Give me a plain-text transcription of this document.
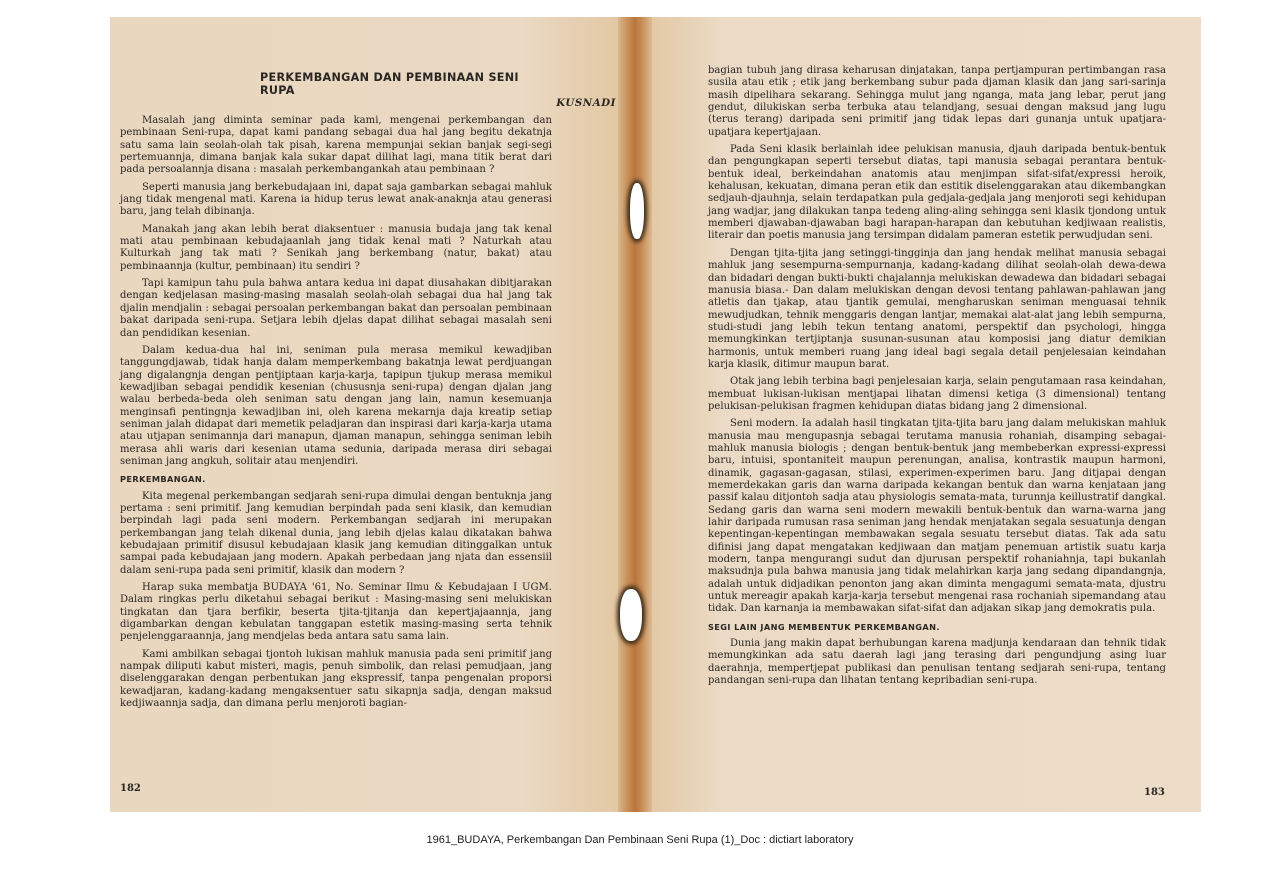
PERKEMBANGAN DAN PEMBINAAN SENI RUPA
KUSNADI

Masalah jang diminta seminar pada kami, mengenai perkembangan dan pembinaan Seni-rupa, dapat kami pandang sebagai dua hal jang begitu dekatnja satu sama lain seolah-olah tak pisah, karena mempunjai sekian banjak segi-segi pertemuannja, dimana banjak kala sukar dapat dilihat lagi, mana titik berat dari pada persoalannja disana : masalah perkembangankah atau pembinaan ?

Seperti manusia jang berkebudajaan ini, dapat saja gambarkan sebagai mahluk jang tidak mengenal mati. Karena ia hidup terus lewat anak-anaknja atau generasi baru, jang telah dibinanja.

Manakah jang akan lebih berat diaksentuer : manusia budaja jang tak kenal mati atau pembinaan kebudajaanlah jang tidak kenal mati ? Naturkah atau Kulturkah jang tak mati ? Senikah jang berkembang (natur, bakat) atau pembinaannja (kultur, pembinaan) itu sendiri ?

Tapi kamipun tahu pula bahwa antara kedua ini dapat diusahakan dibitjarakan dengan kedjelasan masing-masing masalah seolah-olah sebagai dua hal jang tak djalin mendjalin : sebagai persoalan perkembangan bakat dan persoalan pembinaan bakat daripada seni-rupa. Setjara lebih djelas dapat dilihat sebagai masalah seni dan pendidikan kesenian.

Dalam kedua-dua hal ini, seniman pula merasa memikul kewadjiban tanggungdjawab, tidak hanja dalam memperkembang bakatnja lewat perdjuangan jang digalangnja dengan pentjiptaan karja-karja, tapipun tjukup merasa memikul kewadjiban sebagai pendidik kesenian (chususnja seni-rupa) dengan djalan jang walau berbeda-beda oleh seniman satu dengan jang lain, namun kesemuanja menginsafi pentingnja kewadjiban ini, oleh karena mekarnja daja kreatip setiap seniman jalah didapat dari memetik peladjaran dan inspirasi dari karja-karja utama atau utjapan senimannja dari manapun, djaman manapun, sehingga seniman lebih merasa ahli waris dari kesenian utama sedunia, daripada merasa diri sebagai seniman jang angkuh, solitair atau menjendiri.

PERKEMBANGAN.

Kita megenal perkembangan sedjarah seni-rupa dimulai dengan bentuknja jang pertama : seni primitif. Jang kemudian berpindah pada seni klasik, dan kemudian berpindah lagi pada seni modern. Perkembangan sedjarah ini merupakan perkembangan jang telah dikenal dunia, jang lebih djelas kalau dikatakan bahwa kebudajaan primitif disusul kebudajaan klasik jang kemudian ditinggalkan untuk sampai pada kebudajaan jang modern. Apakah perbedaan jang njata dan essensiil dalam seni-rupa pada seni primitif, klasik dan modern ?

Harap suka membatja BUDAYA '61, No. Seminar Ilmu & Kebudajaan I UGM. Dalam ringkas perlu diketahui sebagai berikut : Masing-masing seni melukiskan tingkatan dan tjara berfikir, beserta tjita-tjitanja dan kepertjajaannja, jang digambarkan dengan kebulatan tanggapan estetik masing-masing serta tehnik penjelenggaraannja, jang mendjelas beda antara satu sama lain.

Kami ambilkan sebagai tjontoh lukisan mahluk manusia pada seni primitif jang nampak diliputi kabut misteri, magis, penuh simbolik, dan relasi pemudjaan, jang diselenggarakan dengan perbentukan jang ekspressif, tanpa pengenalan proporsi kewadjaran, kadang-kadang mengaksentuer satu sikapnja sadja, dengan maksud kedjiwaannja sadja, dan dimana perlu menjoroti bagian-

182

bagian tubuh jang dirasa keharusan dinjatakan, tanpa pertjampuran pertimbangan rasa susila atau etik ; etik jang berkembang subur pada djaman klasik dan jang sari-sarinja masih dipelihara sekarang. Sehingga mulut jang nganga, mata jang lebar, perut jang gendut, dilukiskan serba terbuka atau telandjang, sesuai dengan maksud jang lugu (terus terang) daripada seni primitif jang tidak lepas dari gunanja untuk upatjara-upatjara kepertjajaan.

Pada Seni klasik berlainlah idee pelukisan manusia, djauh daripada bentuk-bentuk dan pengungkapan seperti tersebut diatas, tapi manusia sebagai perantara bentuk-bentuk ideal, berkeindahan anatomis atau menjimpan sifat-sifat/expressi heroik, kehalusan, kekuatan, dimana peran etik dan estitik diselenggarakan atau dikembangkan sedjauh-djauhnja, selain terdapatkan pula gedjala-gedjala jang menjoroti segi kehidupan jang wadjar, jang dilakukan tanpa tedeng aling-aling sehingga seni klasik tjondong untuk memberi djawaban-djawaban bagi harapan-harapan dan kebutuhan kedjiwaan realistis, literair dan poetis manusia jang tersimpan didalam pameran estetik perwudjudan seni.

Dengan tjita-tjita jang setinggi-tingginja dan jang hendak melihat manusia sebagai mahluk jang sesempurna-sempurnanja, kadang-kadang dilihat seolah-olah dewa-dewa dan bidadari dengan bukti-bukti chajalannja melukiskan dewadewa dan bidadari sebagai manusia biasa.- Dan dalam melukiskan dengan devosi tentang pahlawan-pahlawan jang atletis dan tjakap, atau tjantik gemulai, mengharuskan seniman menguasai tehnik mewudjudkan, tehnik menggaris dengan lantjar, memakai alat-alat jang lebih sempurna, studi-studi jang lebih tekun tentang anatomi, perspektif dan psychologi, hingga memungkinkan tertjiptanja susunan-susunan atau komposisi jang diatur demikian harmonis, untuk memberi ruang jang ideal bagi segala detail penjelesaian keindahan karja klasik, ditimur maupun barat.

Otak jang lebih terbina bagi penjelesaian karja, selain pengutamaan rasa keindahan, membuat lukisan-lukisan mentjapai lihatan dimensi ketiga (3 dimensional) tentang pelukisan-pelukisan fragmen kehidupan diatas bidang jang 2 dimensional.

Seni modern. Ia adalah hasil tingkatan tjita-tjita baru jang dalam melukiskan mahluk manusia mau mengupasnja sebagai terutama manusia rohaniah, disamping sebagai-mahluk manusia biologis ; dengan bentuk-bentuk jang membeberkan expressi-expressi baru, intuisi, spontaniteit maupun perenungan, analisa, kontrastik maupun harmoni, dinamik, gagasan-gagasan, stilasi, experimen-experimen baru. Jang ditjapai dengan memerdekakan garis dan warna daripada kekangan bentuk dan warna kenjataan jang passif kalau ditjontoh sadja atau physiologis semata-mata, turunnja keillustratif dangkal. Sedang garis dan warna seni modern mewakili bentuk-bentuk dan warna-warna jang lahir daripada rumusan rasa seniman jang hendak menjatakan segala sesuatunja dengan kepentingan-kepentingan membawakan segala sesuatu tersebut diatas. Tak ada satu difinisi jang dapat mengatakan kedjiwaan dan matjam penemuan artistik suatu karja modern, tanpa mengurangi sudut dan djurusan perspektif rohaniahnja, tapi bukanlah maksudnja pula bahwa manusia jang tidak melahirkan karja jang sedang dipandangnja, adalah untuk didjadikan penonton jang akan diminta mengagumi semata-mata, djustru untuk mereagir apakah karja-karja tersebut mengenai rasa rochaniah sipemandang atau tidak. Dan karnanja ia membawakan sifat-sifat dan adjakan sikap jang demokratis pula.

SEGI LAIN JANG MEMBENTUK PERKEMBANGAN.

Dunia jang makin dapat berhubungan karena madjunja kendaraan dan tehnik tidak memungkinkan ada satu daerah lagi jang terasing dari pengundjung asing luar daerahnja, mempertjepat publikasi dan penulisan tentang sedjarah seni-rupa, tentang pandangan seni-rupa dan lihatan tentang kepribadian seni-rupa.

183
1961_BUDAYA, Perkembangan Dan Pembinaan Seni Rupa (1)_Doc : dictiart laboratory
